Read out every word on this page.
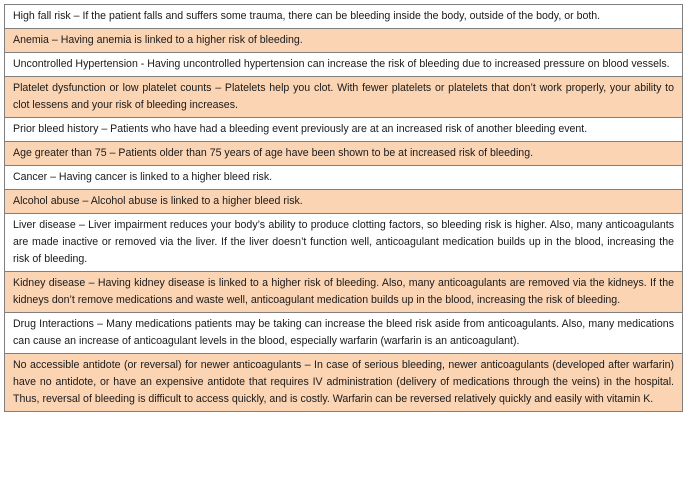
High fall risk – If the patient falls and suffers some trauma, there can be bleeding inside the body, outside of the body, or both.
Anemia – Having anemia is linked to a higher risk of bleeding.
Uncontrolled Hypertension - Having uncontrolled hypertension can increase the risk of bleeding due to increased pressure on blood vessels.
Platelet dysfunction or low platelet counts – Platelets help you clot. With fewer platelets or platelets that don’t work properly, your ability to clot lessens and your risk of bleeding increases.
Prior bleed history – Patients who have had a bleeding event previously are at an increased risk of another bleeding event.
Age greater than 75 – Patients older than 75 years of age have been shown to be at increased risk of bleeding.
Cancer – Having cancer is linked to a higher bleed risk.
Alcohol abuse – Alcohol abuse is linked to a higher bleed risk.
Liver disease – Liver impairment reduces your body’s ability to produce clotting factors, so bleeding risk is higher. Also, many anticoagulants are made inactive or removed via the liver. If the liver doesn’t function well, anticoagulant medication builds up in the blood, increasing the risk of bleeding.
Kidney disease – Having kidney disease is linked to a higher risk of bleeding. Also, many anticoagulants are removed via the kidneys. If the kidneys don’t remove medications and waste well, anticoagulant medication builds up in the blood, increasing the risk of bleeding.
Drug Interactions – Many medications patients may be taking can increase the bleed risk aside from anticoagulants. Also, many medications can cause an increase of anticoagulant levels in the blood, especially warfarin (warfarin is an anticoagulant).
No accessible antidote (or reversal) for newer anticoagulants – In case of serious bleeding, newer anticoagulants (developed after warfarin) have no antidote, or have an expensive antidote that requires IV administration (delivery of medications through the veins) in the hospital. Thus, reversal of bleeding is difficult to access quickly, and is costly. Warfarin can be reversed relatively quickly and easily with vitamin K.
